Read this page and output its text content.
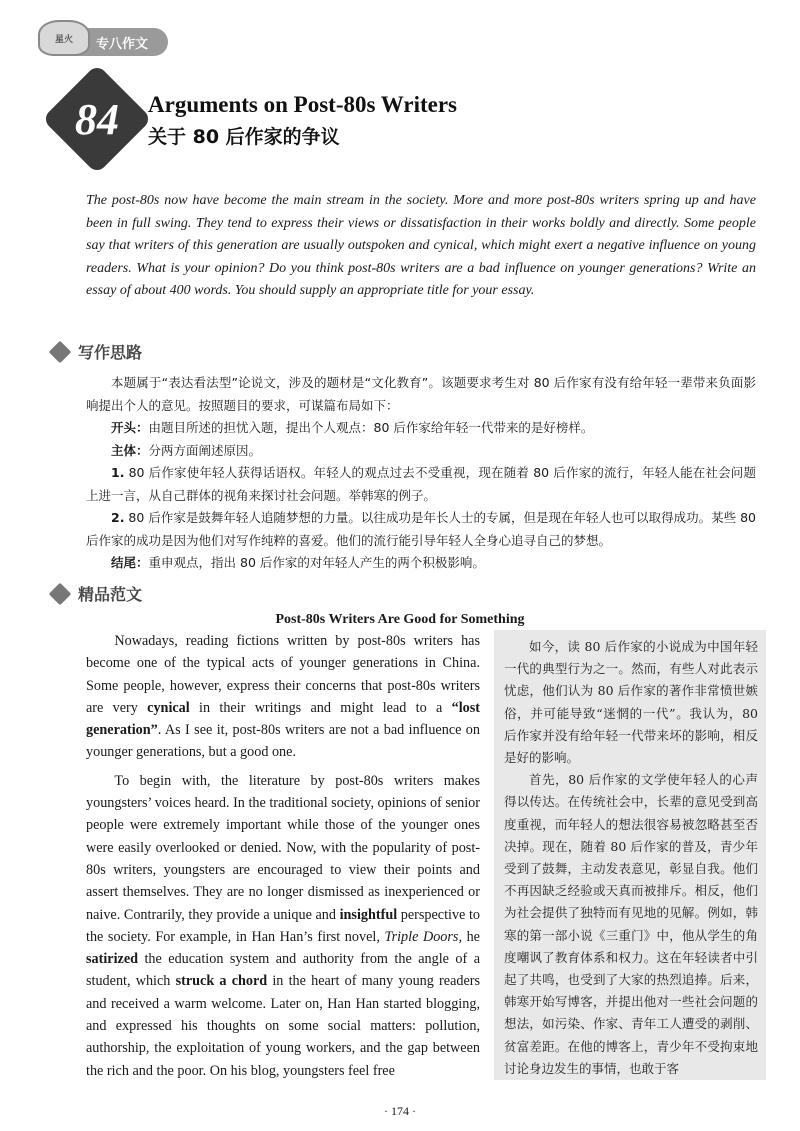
星火 专八作文
84	Arguments on Post-80s Writers
关于 80 后作家的争议
The post-80s now have become the main stream in the society. More and more post-80s writers spring up and have been in full swing. They tend to express their views or dissatisfaction in their works boldly and directly. Some people say that writers of this generation are usually outspoken and cynical, which might exert a negative influence on young readers. What is your opinion? Do you think post-80s writers are a bad influence on younger generations? Write an essay of about 400 words. You should supply an appropriate title for your essay.
写作思路

本题属于“表达看法型”论说文，涉及的题材是“文化教育”。该题要求考生对 80 后作家有没有给年轻一辈带来负面影响提出个人的意见。按照题目的要求，可谋篇布局如下：

开头：由题目所述的担忧入题，提出个人观点：80 后作家给年轻一代带来的是好榜样。

主体：分两方面阐述原因。

1. 80 后作家使年轻人获得话语权。年轻人的观点过去不受重视，现在随着 80 后作家的流行，年轻人能在社会问题上进一言，从自己群体的视角来探讨社会问题。举韩寒的例子。

2. 80 后作家是鼓舞年轻人追随梦想的力量。以往成功是年长人士的专属，但是现在年轻人也可以取得成功。某些 80 后作家的成功是因为他们对写作纯粹的喜爱。他们的流行能引导年轻人全身心追寻自己的梦想。

结尾：重申观点，指出 80 后作家的对年轻人产生的两个积极影响。

精品范文
Post-80s Writers Are Good for Something

Nowadays, reading fictions written by post-80s writers has become one of the typical acts of younger generations in China. Some people, however, express their concerns that post-80s writers are very cynical in their writings and might lead to a “lost generation”. As I see it, post-80s writers are not a bad influence on younger generations, but a good one.

To begin with, the literature by post-80s writers makes youngsters’ voices heard. In the traditional society, opinions of senior people were extremely important while those of the younger ones were easily overlooked or denied. Now, with the popularity of post-80s writers, youngsters are encouraged to view their points and assert themselves. They are no longer dismissed as inexperienced or naive. Contrarily, they provide a unique and insightful perspective to the society. For example, in Han Han’s first novel, Triple Doors, he satirized the education system and authority from the angle of a student, which struck a chord in the heart of many young readers and received a warm welcome. Later on, Han Han started blogging, and expressed his thoughts on some social matters: pollution, authorship, the exploitation of young workers, and the gap between the rich and the poor. On his blog, youngsters feel free

如今，读 80 后作家的小说成为中国年轻一代的典型行为之一。然而，有些人对此表示忧虑，他们认为 80 后作家的著作非常愤世嫉俗，并可能导致“迷惘的一代”。我认为，80 后作家并没有给年轻一代带来坏的影响，相反是好的影响。

首先，80 后作家的文学使年轻人的心声得以传达。在传统社会中，长辈的意见受到高度重视，而年轻人的想法很容易被忽略甚至否决掉。现在，随着 80 后作家的普及，青少年受到了鼓舞，主动发表意见，彰显自我。他们不再因缺乏经验或天真而被排斥。相反，他们为社会提供了独特而有见地的见解。例如，韩寒的第一部小说《三重门》中，他从学生的角度嘲讽了教育体系和权力。这在年轻读者中引起了共鸣，也受到了大家的热烈追捧。后来，韩寒开始写博客，并提出他对一些社会问题的想法，如污染、作家、青年工人遭受的剥削、贫富差距。在他的博客上，青少年不受拘束地讨论身边发生的事情，也敢于客

· 174 ·
